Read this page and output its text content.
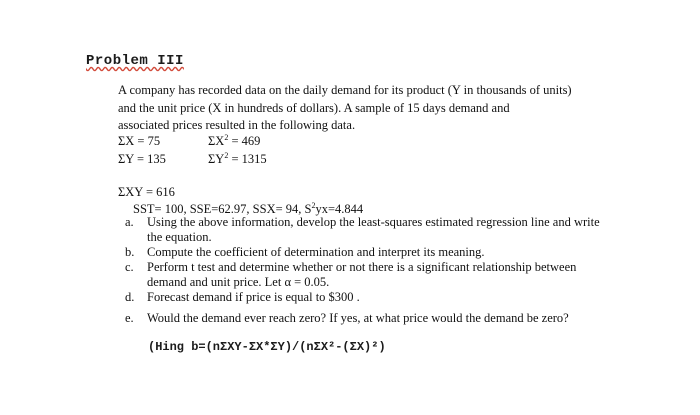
Problem III
A company has recorded data on the daily demand for its product (Y in thousands of units)
and the unit price (X in hundreds of dollars). A sample of 15 days demand and
associated prices resulted in the following data.
ΣX = 75	$\Sigma X^2 = 469$
ΣY = 135	$\Sigma Y^2 = 1315$
ΣXY = 616
SST= 100, SSE=62.97, SSX= 94, $S^2yx=4.844$
a.	Using the above information, develop the least-squares estimated regression line and write the equation.
b.	Compute the coefficient of determination and interpret its meaning.
c.	Perform t test and determine whether or not there is a significant relationship between demand and unit price. Let α = 0.05.
d.	Forecast demand if price is equal to $300 .
e.	Would the demand ever reach zero? If yes, at what price would the demand be zero?
(Hing b=(nΣXY-ΣX*ΣY)/(nΣX²-(ΣX)²)
